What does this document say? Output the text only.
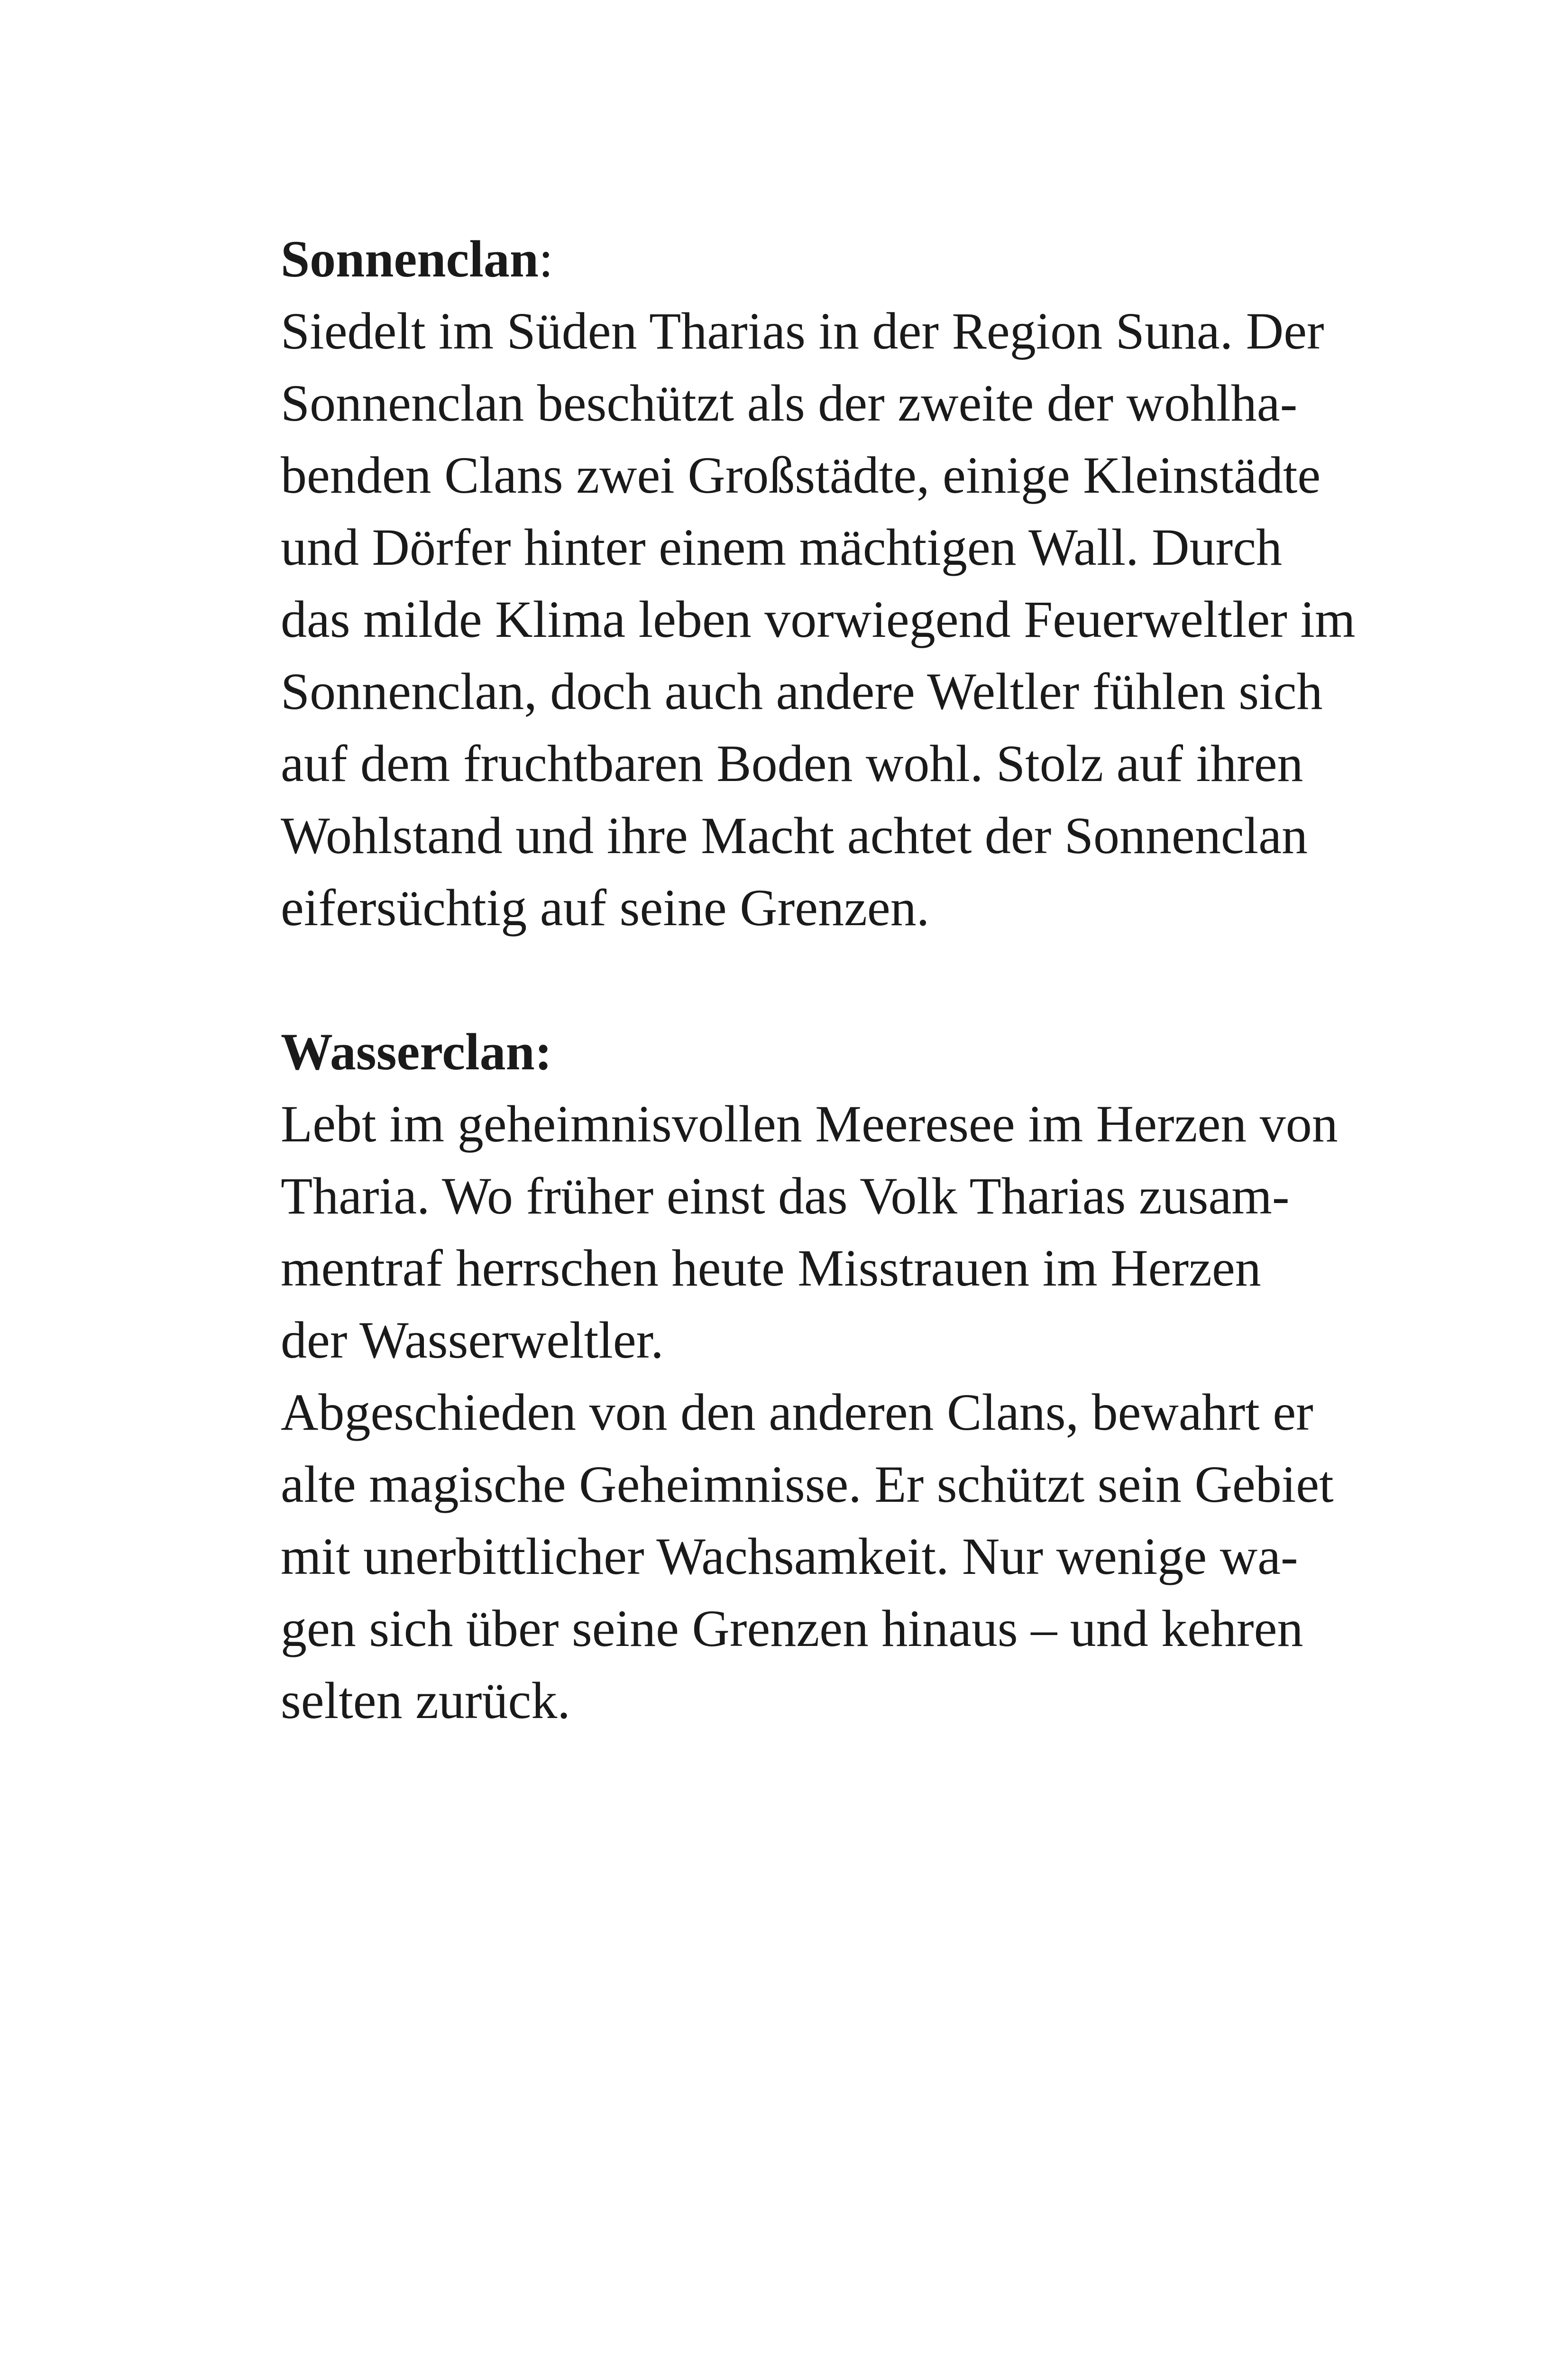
Sonnenclan:
Siedelt im Süden Tharias in der Region Suna. Der
Sonnenclan beschützt als der zweite der wohlha-
benden Clans zwei Großstädte, einige Kleinstädte
und Dörfer hinter einem mächtigen Wall. Durch
das milde Klima leben vorwiegend Feuerweltler im
Sonnenclan, doch auch andere Weltler fühlen sich
auf dem fruchtbaren Boden wohl. Stolz auf ihren
Wohlstand und ihre Macht achtet der Sonnenclan
eifersüchtig auf seine Grenzen.
Wasserclan:
Lebt im geheimnisvollen Meeresee im Herzen von
Tharia. Wo früher einst das Volk Tharias zusam-
mentraf herrschen heute Misstrauen im Herzen
der Wasserweltler.
Abgeschieden von den anderen Clans, bewahrt er
alte magische Geheimnisse. Er schützt sein Gebiet
mit unerbittlicher Wachsamkeit. Nur wenige wa-
gen sich über seine Grenzen hinaus – und kehren
selten zurück.
